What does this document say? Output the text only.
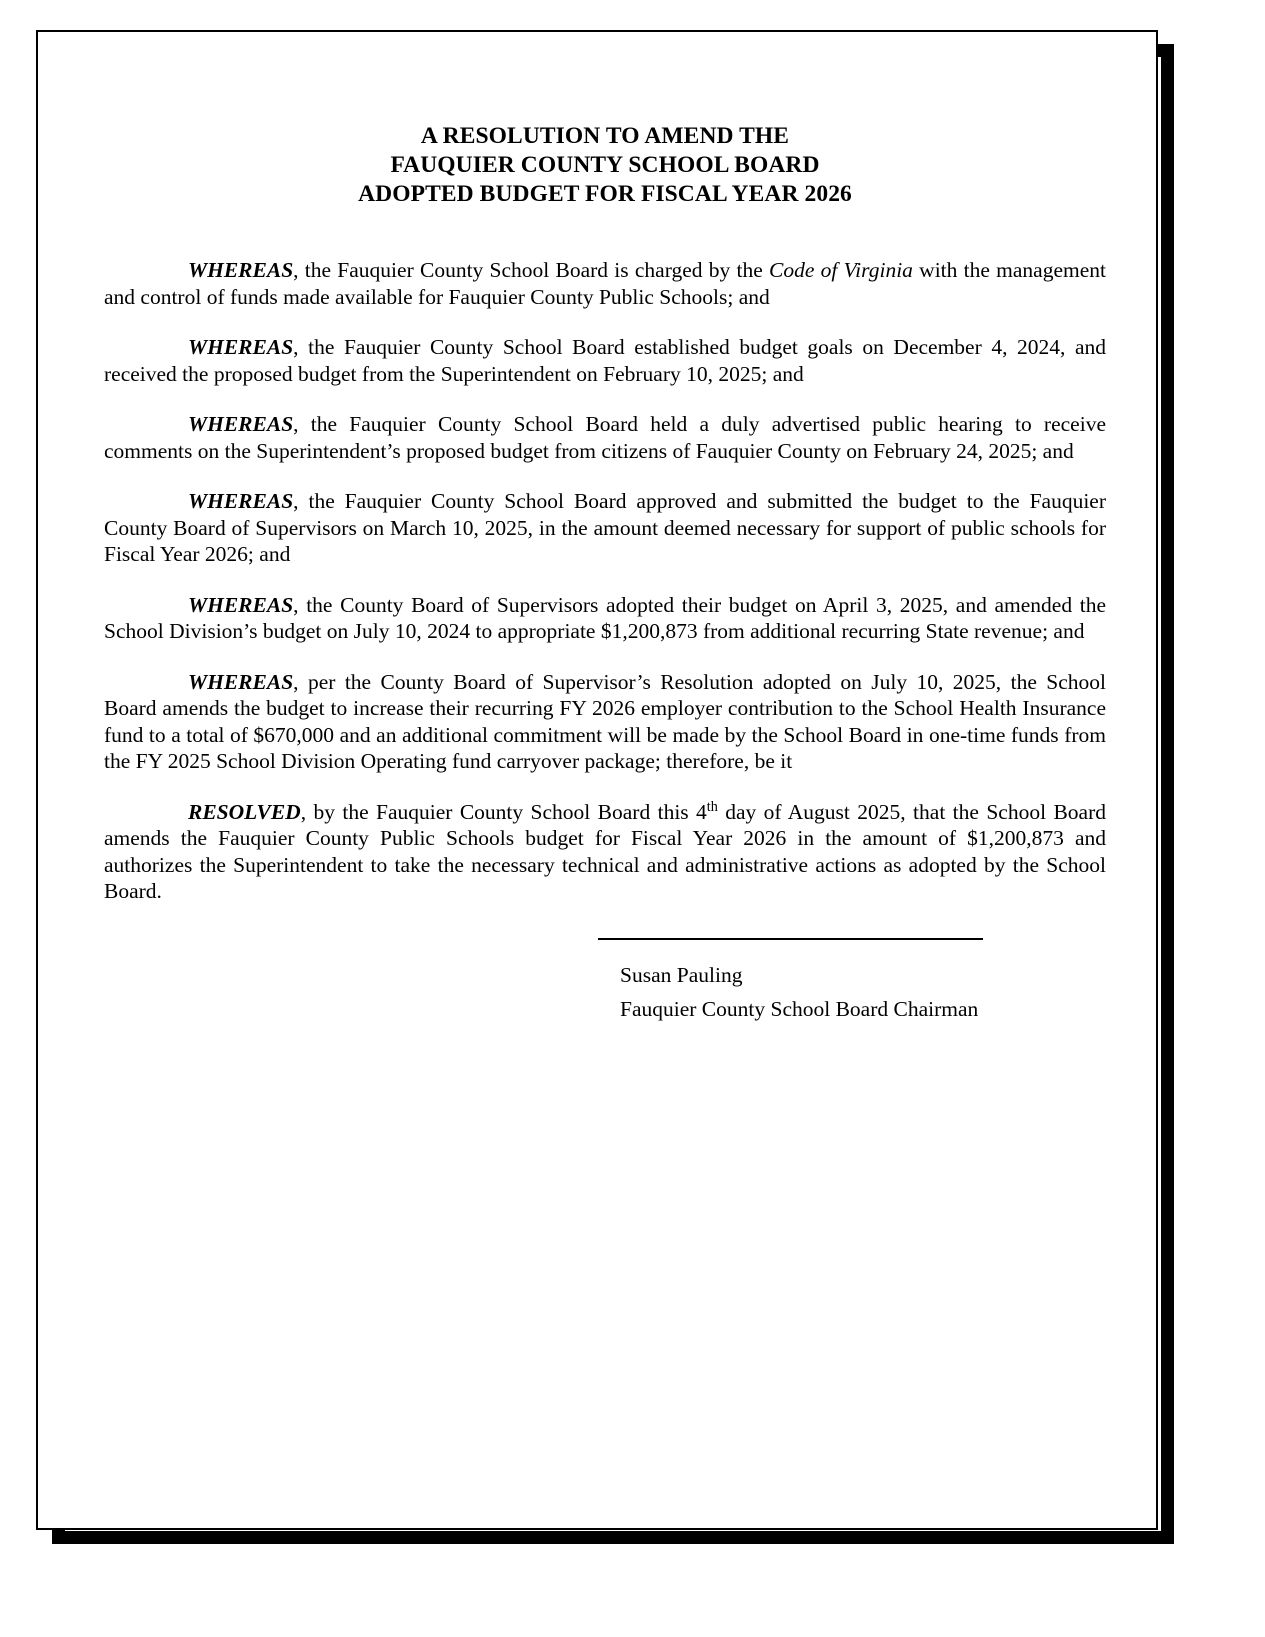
A RESOLUTION TO AMEND THE
FAUQUIER COUNTY SCHOOL BOARD
ADOPTED BUDGET FOR FISCAL YEAR 2026

WHEREAS, the Fauquier County School Board is charged by the Code of Virginia with the management and control of funds made available for Fauquier County Public Schools; and

WHEREAS, the Fauquier County School Board established budget goals on December 4, 2024, and received the proposed budget from the Superintendent on February 10, 2025; and

WHEREAS, the Fauquier County School Board held a duly advertised public hearing to receive comments on the Superintendent’s proposed budget from citizens of Fauquier County on February 24, 2025; and

WHEREAS, the Fauquier County School Board approved and submitted the budget to the Fauquier County Board of Supervisors on March 10, 2025, in the amount deemed necessary for support of public schools for Fiscal Year 2026; and

WHEREAS, the County Board of Supervisors adopted their budget on April 3, 2025, and amended the School Division’s budget on July 10, 2024 to appropriate $1,200,873 from additional recurring State revenue; and

WHEREAS, per the County Board of Supervisor’s Resolution adopted on July 10, 2025, the School Board amends the budget to increase their recurring FY 2026 employer contribution to the School Health Insurance fund to a total of $670,000 and an additional commitment will be made by the School Board in one-time funds from the FY 2025 School Division Operating fund carryover package; therefore, be it

RESOLVED, by the Fauquier County School Board this 4th day of August 2025, that the School Board amends the Fauquier County Public Schools budget for Fiscal Year 2026 in the amount of $1,200,873 and authorizes the Superintendent to take the necessary technical and administrative actions as adopted by the School Board.

Susan Pauling

Fauquier County School Board Chairman
